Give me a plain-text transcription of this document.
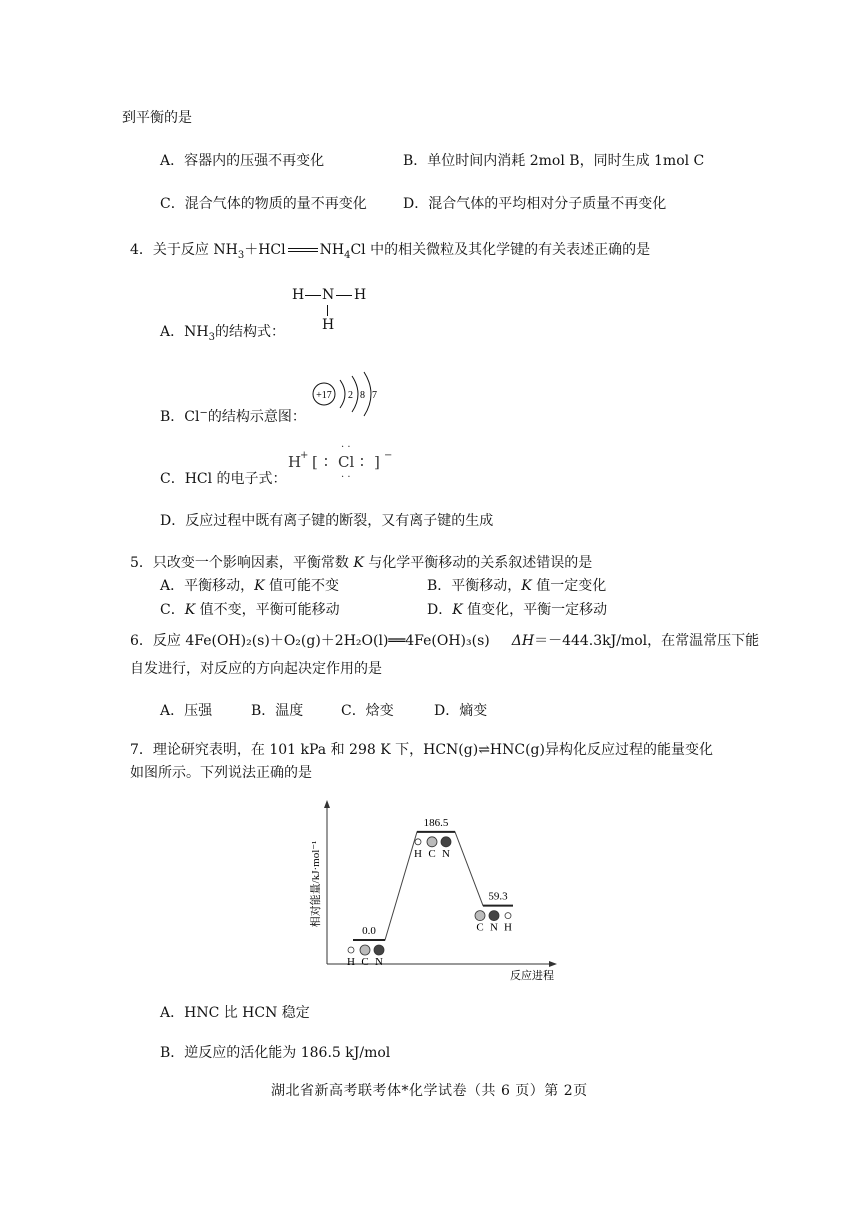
到平衡的是
A．容器内的压强不再变化	B．单位时间内消耗 2mol B，同时生成 1mol C
C．混合气体的物质的量不再变化	D．混合气体的平均相对分子质量不再变化
4．关于反应 $NH_3+HCl$ $NH_4Cl$ 中的相关微粒及其化学键的有关表述正确的是
H N H
H
A．$NH_3$的结构式：
+17 2 8 7
B．Cl−的结构示意图：
H
+ [ ∶
· ·
Cl
· ·
∶ ] −
C．HCl 的电子式：
D．反应过程中既有离子键的断裂，又有离子键的生成
5．只改变一个影响因素，平衡常数 K 与化学平衡移动的关系叙述错误的是
A．平衡移动，K 值可能不变	B．平衡移动，K 值一定变化
C．K 值不变，平衡可能移动	D．K 值变化，平衡一定移动
6．反应 4Fe(OH)₂(s)＋O₂(g)＋2H₂O(l)══4Fe(OH)₃(s) ΔH＝－444.3kJ/mol，在常温常压下能
自发进行，对反应的方向起决定作用的是
A．压强	B．温度	C．焓变	D．熵变
7．理论研究表明，在 101 kPa 和 298 K 下，HCN(g)⇌HNC(g)异构化反应过程的能量变化
如图所示。下列说法正确的是
相对能量/kJ·mol⁻¹
反应进程
0.0
H C N
186.5
H C N
59.3
C N H
A．HNC 比 HCN 稳定
B．逆反应的活化能为 186.5 kJ/mol
湖北省新高考联考体*化学试卷（共 6 页）第 2页
